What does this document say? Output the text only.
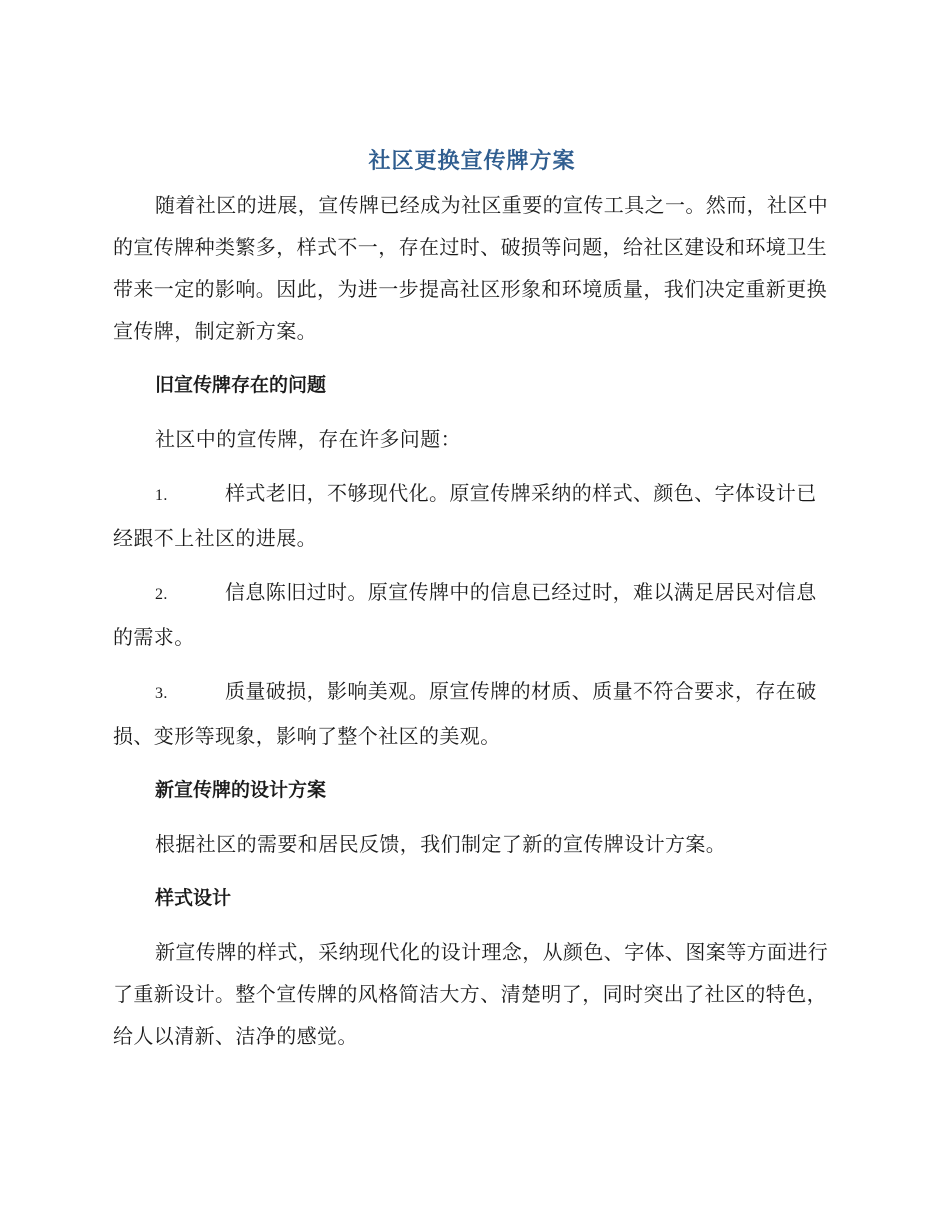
社区更换宣传牌方案

随着社区的进展，宣传牌已经成为社区重要的宣传工具之一。然而，社区中的宣传牌种类繁多，样式不一，存在过时、破损等问题，给社区建设和环境卫生带来一定的影响。因此，为进一步提高社区形象和环境质量，我们决定重新更换宣传牌，制定新方案。

旧宣传牌存在的问题

社区中的宣传牌，存在许多问题：

1.	样式老旧，不够现代化。原宣传牌采纳的样式、颜色、字体设计已经跟不上社区的进展。

2.	信息陈旧过时。原宣传牌中的信息已经过时，难以满足居民对信息的需求。

3.	质量破损，影响美观。原宣传牌的材质、质量不符合要求，存在破损、变形等现象，影响了整个社区的美观。

新宣传牌的设计方案

根据社区的需要和居民反馈，我们制定了新的宣传牌设计方案。

样式设计

新宣传牌的样式，采纳现代化的设计理念，从颜色、字体、图案等方面进行了重新设计。整个宣传牌的风格简洁大方、清楚明了，同时突出了社区的特色，给人以清新、洁净的感觉。
